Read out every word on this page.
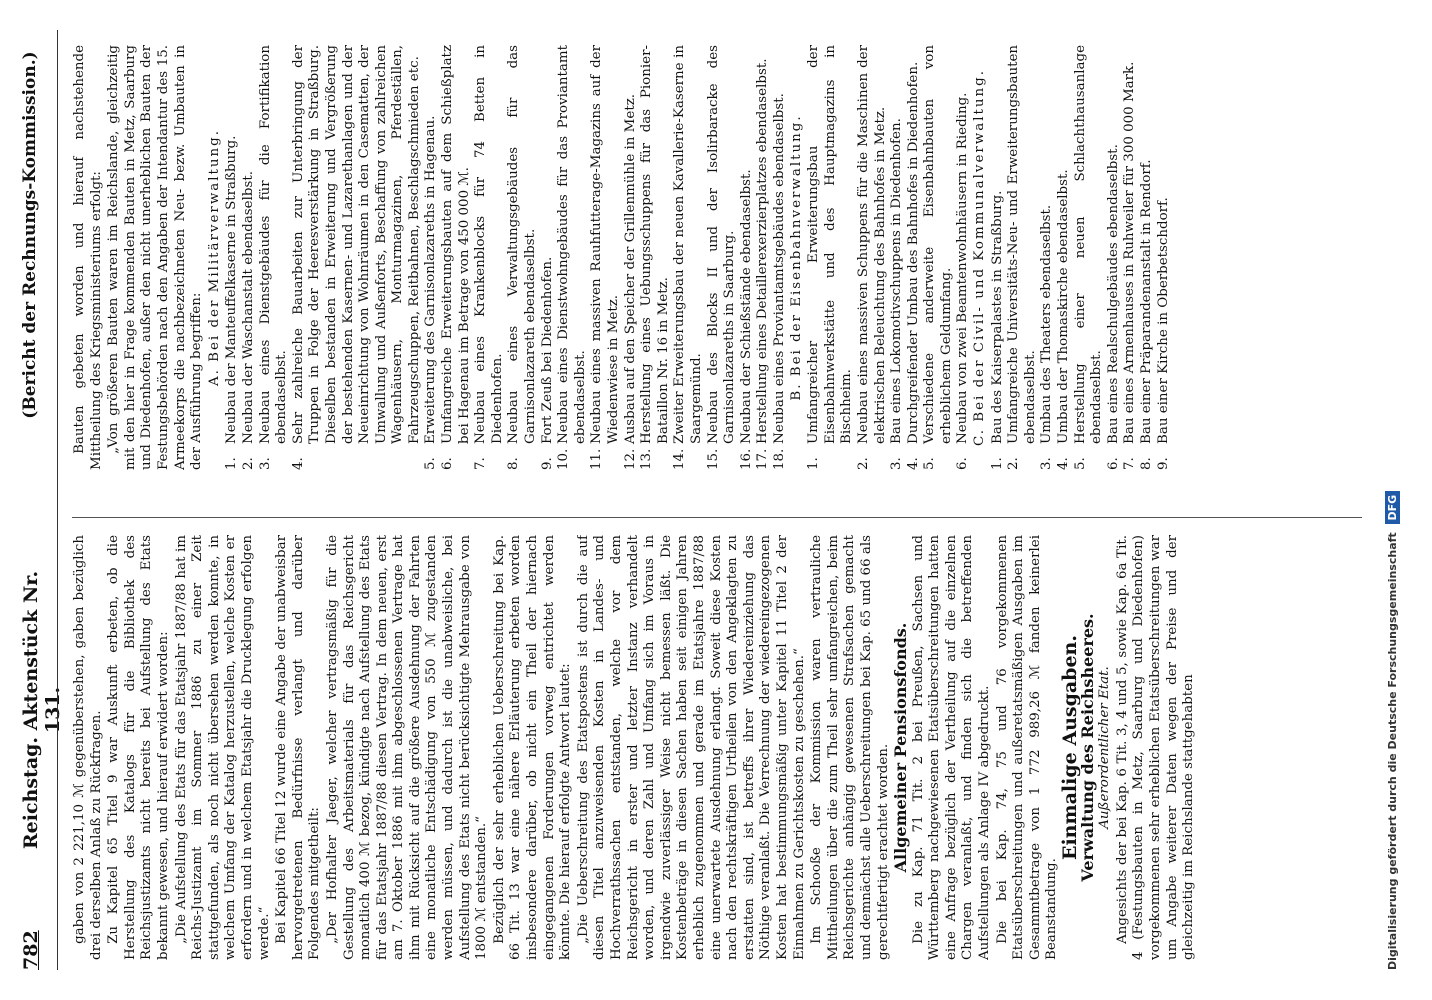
782
Reichstag. Aktenstück Nr. 131.
(Bericht der Rechnungs-Kommission.)

gaben von 2 221,10 ℳ gegenüberstehen, gaben bezüglich drei derselben Anlaß zu Rückfragen. Zu Kapitel 65 Titel 9 war Auskunft erbeten, ob die Herstellung des Katalogs für die Bibliothek des Reichsjustizamts nicht bereits bei Aufstellung des Etats bekannt gewesen, und hierauf erwidert worden: „Die Aufstellung des Etats für das Etatsjahr 1887/88 hat im Reichs-Justizamt im Sommer 1886 zu einer Zeit stattgefunden, als noch nicht übersehen werden konnte, in welchem Umfang der Katalog herzustellen, welche Kosten er erfordern und in welchem Etatsjahr die Drucklegung erfolgen werde.“ Bei Kapitel 66 Titel 12 wurde eine Angabe der unabweisbar hervorgetretenen Bedürfnisse verlangt und darüber Folgendes mitgetheilt: „Der Hofhalter Jaeger, welcher vertragsmäßig für die Gestellung des Arbeitsmaterials für das Reichsgericht monatlich 400 ℳ bezog, kündigte nach Aufstellung des Etats für das Etatsjahr 1887/88 diesen Vertrag. In dem neuen, erst am 7. Oktober 1886 mit ihm abgeschlossenen Vertrage hat ihm mit Rücksicht auf die größere Ausdehnung der Fahrten eine monatliche Entschädigung von 550 ℳ zugestanden werden müssen, und dadurch ist die unabweisliche, bei Aufstellung des Etats nicht berücksichtigte Mehrausgabe von 1800 ℳ entstanden.“ Bezüglich der sehr erheblichen Ueberschreitung bei Kap. 66 Tit. 13 war eine nähere Erläuterung erbeten worden insbesondere darüber, ob nicht ein Theil der hiernach eingegangenen Forderungen vorweg entrichtet werden könnte. Die hierauf erfolgte Antwort lautet: „Die Ueberschreitung des Etatspostens ist durch die auf diesen Titel anzuweisenden Kosten in Landes- und Hochverrathssachen entstanden, welche vor dem Reichsgericht in erster und letzter Instanz verhandelt worden, und deren Zahl und Umfang sich im Voraus in irgendwie zuverlässiger Weise nicht bemessen läßt. Die Kostenbeträge in diesen Sachen haben seit einigen Jahren erheblich zugenommen und gerade im Etatsjahre 1887/88 eine unerwartete Ausdehnung erlangt. Soweit diese Kosten nach den rechtskräftigen Urtheilen von den Angeklagten zu erstatten sind, ist betreffs ihrer Wiedereinziehung das Nöthige veranlaßt. Die Verrechnung der wiedereingezogenen Kosten hat bestimmungsmäßig unter Kapitel 11 Titel 2 der Einnahmen zu Gerichtskosten zu geschehen.“ Im Schooße der Kommission waren vertrauliche Mittheilungen über die zum Theil sehr umfangreichen, beim Reichsgerichte anhängig gewesenen Strafsachen gemacht und demnächst alle Ueberschreitungen bei Kap. 65 und 66 als gerechtfertigt erachtet worden. Allgemeiner Pensionsfonds. Die zu Kap. 71 Tit. 2 bei Preußen, Sachsen und Württemberg nachgewiesenen Etatsüberschreitungen hatten eine Anfrage bezüglich der Vertheilung auf die einzelnen Chargen veranlaßt, und finden sich die betreffenden Aufstellungen als Anlage IV abgedruckt. Die bei Kap. 74, 75 und 76 vorgekommenen Etatsüberschreitungen und außeretatsmäßigen Ausgaben im Gesammtbetrage von 1 772 989,26 ℳ fanden keinerlei Beanstandung.

Einmalige Ausgaben.

Verwaltung des Reichsheeres. Außerordentlicher Etat. Angesichts der bei Kap. 6 Tit. 3, 4 und 5, sowie Kap. 6a Tit. 4 (Festungsbauten in Metz, Saarburg und Diedenhofen) vorgekommenen sehr erheblichen Etatsüberschreitungen war um Angabe weiterer Daten wegen der Preise und der gleichzeitig im Reichslande stattgehabten

Bauten gebeten worden und hierauf nachstehende Mittheilung des Kriegsministeriums erfolgt: „Von größeren Bauten waren im Reichslande, gleichzeitig mit den hier in Frage kommenden Bauten in Metz, Saarburg und Diedenhofen, außer den nicht unerheblichen Bauten der Festungsbehörden nach den Angaben der Intendantur des 15. Armeekorps die nachbezeichneten Neu- bezw. Umbauten in der Ausführung begriffen: A. Bei der Militärverwaltung.

1.
Neubau der Manteuffelkaserne in Straßburg.
2.
Neubau der Waschanstalt ebendaselbst.
3.
Neubau eines Dienstgebäudes für die Fortifikation ebendaselbst.
4.
Sehr zahlreiche Bauarbeiten zur Unterbringung der Truppen in Folge der Heeresverstärkung in Straßburg. Dieselben bestanden in Erweiterung und Vergrößerung der bestehenden Kasernen- und Lazarethanlagen und der Neueinrichtung von Wohnräumen in den Casematten, der Umwallung und Außenforts, Beschaffung von zahlreichen Wagenhäusern, Monturmagazinen, Pferdeställen, Fahrzeugschuppen, Reitbahnen, Beschlagschmieden etc.
5.
Erweiterung des Garnisonlazareths in Hagenau.
6.
Umfangreiche Erweiterungsbauten auf dem Schießplatz bei Hagenau im Betrage von 450 000 ℳ.
7.
Neubau eines Krankenblocks für 74 Betten in Diedenhofen.
8.
Neubau eines Verwaltungsgebäudes für das Garnisonlazareth ebendaselbst.
9.
Fort Zeuß bei Diedenhofen.
10.
Neubau eines Dienstwohngebäudes für das Proviantamt ebendaselbst.
11.
Neubau eines massiven Rauhfutterage-Magazins auf der Wiedenwiese in Metz.
12.
Ausbau auf den Speicher der Grillenmühle in Metz.
13.
Herstellung eines Uebungsschuppens für das Pionier-Bataillon Nr. 16 in Metz.
14.
Zweiter Erweiterungsbau der neuen Kavallerie-Kaserne in Saargemünd.
15.
Neubau des Blocks II und der Isolirbaracke des Garnisonlazareths in Saarburg.
16.
Neubau der Schießstände ebendaselbst.
17.
Herstellung eines Detaillerexerzierplatzes ebendaselbst.
18.
Neubau eines Proviantamtsgebäudes ebendaselbst. B. Bei der Eisenbahnverwaltung.

1.
Umfangreicher Erweiterungsbau der Eisenbahnwerkstätte und des Hauptmagazins in Bischheim.
2.
Neubau eines massiven Schuppens für die Maschinen der elektrischen Beleuchtung des Bahnhofes in Metz.
3.
Bau eines Lokomotivschuppens in Diedenhofen.
4.
Durchgreifender Umbau des Bahnhofes in Diedenhofen.
5.
Verschiedene anderweite Eisenbahnbauten von erheblichem Geldumfang.
6.
Neubau von zwei Beamtenwohnhäusern in Rieding. C. Bei der Civil- und Kommunalverwaltung.

1.
Bau des Kaiserpalastes in Straßburg.
2.
Umfangreiche Universitäts-Neu- und Erweiterungsbauten ebendaselbst.
3.
Umbau des Theaters ebendaselbst.
4.
Umbau der Thomaskirche ebendaselbst.
5.
Herstellung einer neuen Schlachthausanlage ebendaselbst.
6.
Bau eines Realschulgebäudes ebendaselbst.
7.
Bau eines Armenhauses in Ruhweiler für 300 000 Mark.
8.
Bau einer Präparandenanstalt in Rendorf.
9.
Bau einer Kirche in Oberbetschdorf.
Digitalisierung gefördert durch die Deutsche Forschungsgemeinschaft DFG
